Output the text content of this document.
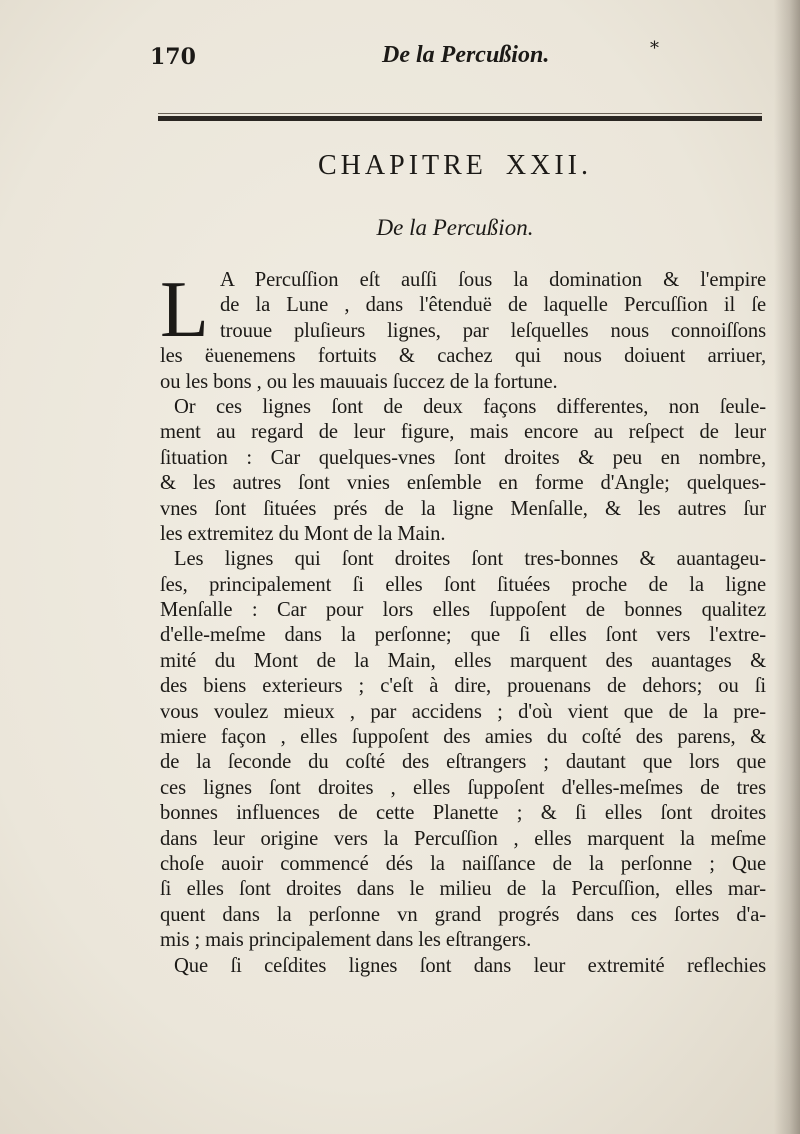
170	De la Percußion.	*
CHAPITRE XXII.
De la Percußion.
L A Percuſſion eſt auſſi ſous la domination & l'empire
de la Lune , dans l'êtenduë de laquelle Percuſſion il ſe
trouue pluſieurs lignes, par leſquelles nous connoiſſons
les ëuenemens fortuits & cachez qui nous doiuent arriuer,
ou les bons , ou les mauuais ſuccez de la fortune.
Or ces lignes ſont de deux façons differentes, non ſeule-
ment au regard de leur figure, mais encore au reſpect de leur
ſituation : Car quelques-vnes ſont droites & peu en nombre,
& les autres ſont vnies enſemble en forme d'Angle; quelques-
vnes ſont ſituées prés de la ligne Menſalle, & les autres ſur
les extremitez du Mont de la Main.
Les lignes qui ſont droites ſont tres-bonnes & auantageu-
ſes, principalement ſi elles ſont ſituées proche de la ligne
Menſalle : Car pour lors elles ſuppoſent de bonnes qualitez
d'elle-meſme dans la perſonne; que ſi elles ſont vers l'extre-
mité du Mont de la Main, elles marquent des auantages &
des biens exterieurs ; c'eſt à dire, prouenans de dehors; ou ſi
vous voulez mieux , par accidens ; d'où vient que de la pre-
miere façon , elles ſuppoſent des amies du coſté des parens, &
de la ſeconde du coſté des eſtrangers ; dautant que lors que
ces lignes ſont droites , elles ſuppoſent d'elles-meſmes de tres
bonnes influences de cette Planette ; & ſi elles ſont droites
dans leur origine vers la Percuſſion , elles marquent la meſme
choſe auoir commencé dés la naiſſance de la perſonne ; Que
ſi elles ſont droites dans le milieu de la Percuſſion, elles mar-
quent dans la perſonne vn grand progrés dans ces ſortes d'a-
mis ; mais principalement dans les eſtrangers.
Que ſi ceſdites lignes ſont dans leur extremité reflechies
